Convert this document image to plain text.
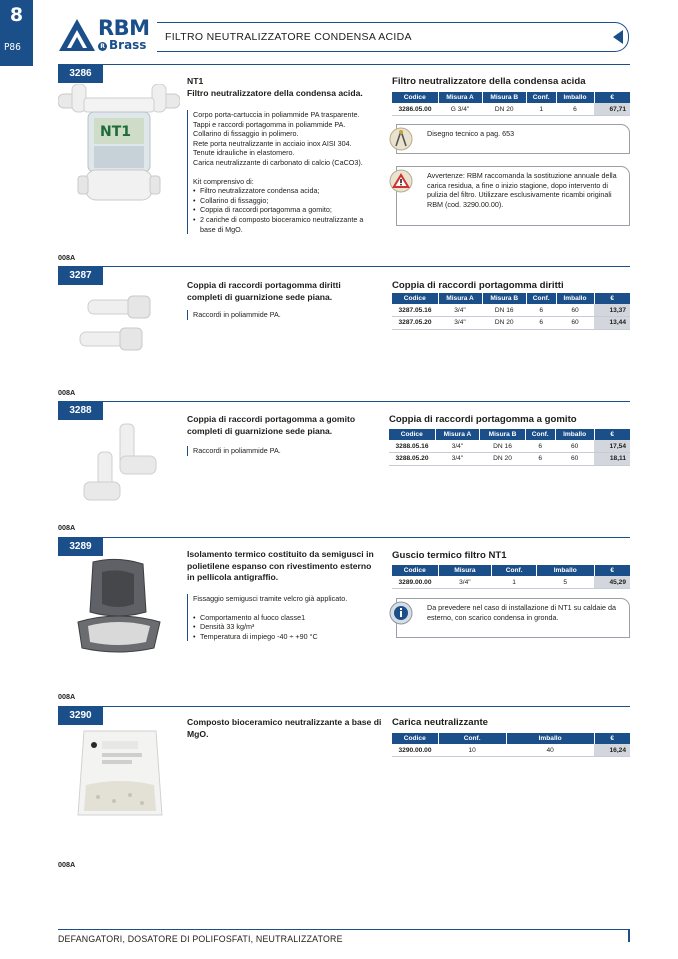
8
P86
RBM
R Brass
FILTRO NEUTRALIZZATORE CONDENSA ACIDA
3286
NT1
NT1
Filtro neutralizzatore della condensa acida.

Corpo porta-cartuccia in poliammide PA trasparente.

Tappi e raccordi portagomma in poliammide PA.

Collarino di fissaggio in polimero.

Rete porta neutralizzante in acciaio inox AISI 304.

Tenute idrauliche in elastomero.

Carica neutralizzante di carbonato di calcio (CaCO3).

Kit comprensivo di:

• Filtro neutralizzatore condensa acida;
• Collarino di fissaggio;
• Coppia di raccordi portagomma a gomito;
• 2 cariche di composto bioceramico neutralizzante a base di MgO.
Filtro neutralizzatore della condensa acida
Codice	Misura A	Misura B	Conf.	Imballo	€
3286.05.00	G 3/4"	DN 20	1	6	67,71
Disegno tecnico a pag. 653
Avvertenze: RBM raccomanda la sostituzione annuale della carica residua, a fine o inizio stagione, dopo intervento di pulizia del filtro. Utilizzare esclusivamente ricambi originali RBM (cod. 3290.00.00).
008A
3287
Coppia di raccordi portagomma diritti completi di guarnizione sede piana.

Raccordi in poliammide PA.

Coppia di raccordi portagomma diritti
Codice	Misura A	Misura B	Conf.	Imballo	€
3287.05.16	3/4"	DN 16	6	60	13,37
3287.05.20	3/4"	DN 20	6	60	13,44
008A
3288
Coppia di raccordi portagomma a gomito completi di guarnizione sede piana.

Raccordi in poliammide PA.

Coppia di raccordi portagomma a gomito
Codice	Misura A	Misura B	Conf.	Imballo	€
3288.05.16	3/4"	DN 16	6	60	17,54
3288.05.20	3/4"	DN 20	6	60	18,11
008A
3289
Isolamento termico costituito da semigusci in polietilene espanso con rivestimento esterno in pellicola antigraffio.

Fissaggio semigusci tramite velcro già applicato.

• Comportamento al fuoco classe1
• Densità 33 kg/m³
• Temperatura di impiego -40 ÷ +90 °C
Guscio termico filtro NT1
Codice	Misura	Conf.	Imballo	€
3289.00.00	3/4"	1	5	45,29
Da prevedere nel caso di installazione di NT1 su caldaie da esterno, con scarico condensa in gronda.
008A
3290
Composto bioceramico neutralizzante a base di MgO.
Carica neutralizzante
Codice	Conf.	Imballo	€
3290.00.00	10	40	16,24
008A
DEFANGATORI, DOSATORE DI POLIFOSFATI, NEUTRALIZZATORE
